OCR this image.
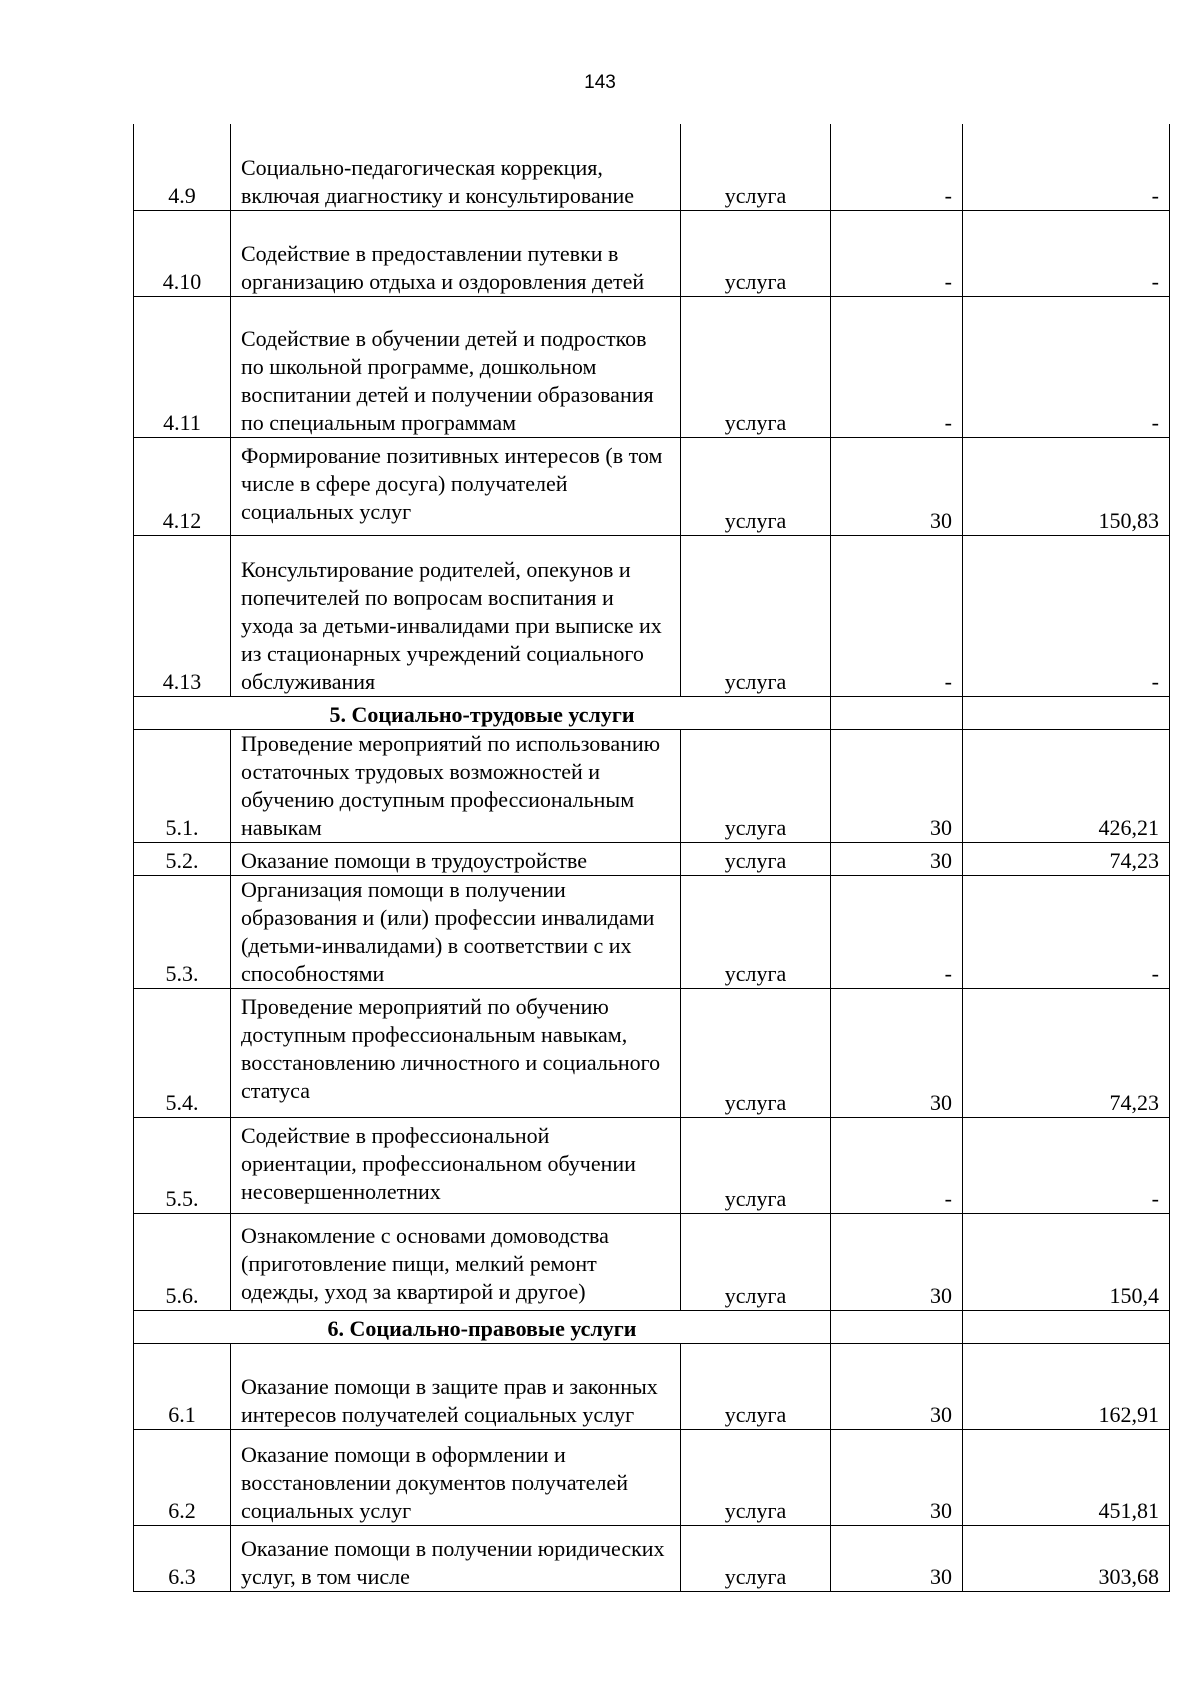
143
4.9	Социально-педагогическая коррекция, включая диагностику и консультирование	услуга	-	-
4.10	Содействие в предоставлении путевки в организацию отдыха и оздоровления детей	услуга	-	-
4.11	Содействие в обучении детей и подростков по школьной программе, дошкольном воспитании детей и получении образования по специальным программам	услуга	-	-
4.12	Формирование позитивных интересов (в том числе в сфере досуга) получателей социальных услуг	услуга	30	150,83
4.13	Консультирование родителей, опекунов и попечителей по вопросам воспитания и ухода за детьми-инвалидами при выписке их из стационарных учреждений социального обслуживания	услуга	-	-
5. Социально-трудовые услуги				
5.1.	Проведение мероприятий по использованию остаточных трудовых возможностей и обучению доступным профессиональным навыкам	услуга	30	426,21
5.2.	Оказание помощи в трудоустройстве	услуга	30	74,23
5.3.	Организация помощи в получении образования и (или) профессии инвалидами (детьми-инвалидами) в соответствии с их способностями	услуга	-	-
5.4.	Проведение мероприятий по обучению доступным профессиональным навыкам, восстановлению личностного и социального статуса	услуга	30	74,23
5.5.	Содействие в профессиональной ориентации, профессиональном обучении несовершеннолетних	услуга	-	-
5.6.	Ознакомление с основами домоводства (приготовление пищи, мелкий ремонт одежды, уход за квартирой и другое)	услуга	30	150,4
6. Социально-правовые услуги				
6.1	Оказание помощи в защите прав и законных интересов получателей социальных услуг	услуга	30	162,91
6.2	Оказание помощи в оформлении и восстановлении документов получателей социальных услуг	услуга	30	451,81
6.3	Оказание помощи в получении юридических услуг, в том числе	услуга	30	303,68
